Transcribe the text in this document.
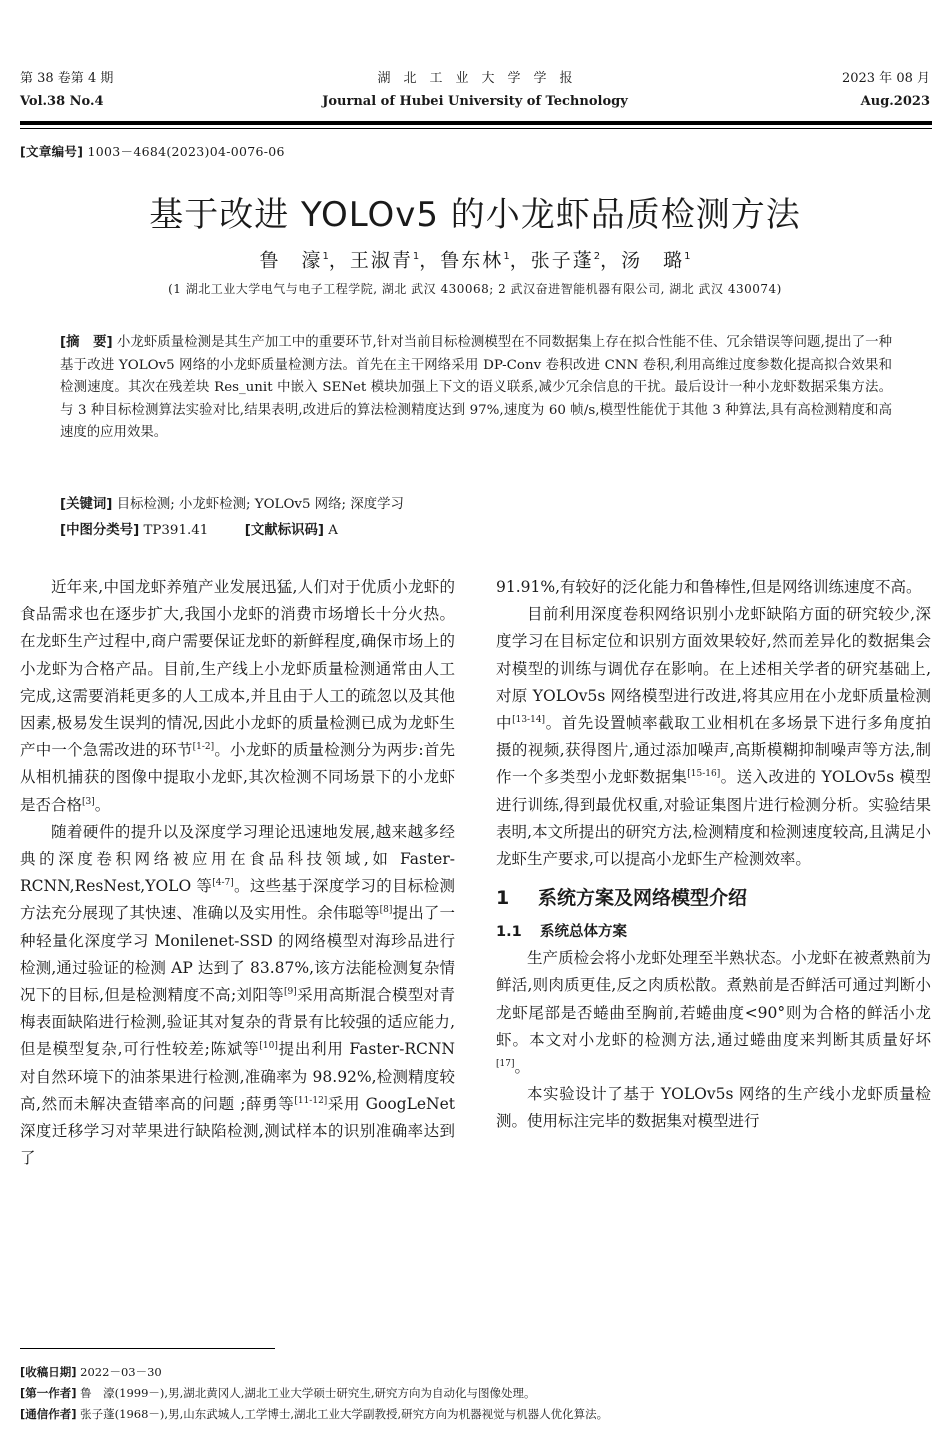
第 38 卷第 4 期
Vol.38 No.4
湖　北　工　业　大　学　学　报
Journal of Hubei University of Technology
2023 年 08 月
Aug.2023
[文章编号] 1003－4684(2023)04-0076-06
基于改进 YOLOv5 的小龙虾品质检测方法
鲁　濠$^1$，王淑青$^1$，鲁东林$^1$，张子蓬$^2$，汤　璐$^1$
(1 湖北工业大学电气与电子工程学院, 湖北 武汉 430068; 2 武汉奋进智能机器有限公司, 湖北 武汉 430074)
[摘　要] 小龙虾质量检测是其生产加工中的重要环节,针对当前目标检测模型在不同数据集上存在拟合性能不佳、冗余错误等问题,提出了一种基于改进 YOLOv5 网络的小龙虾质量检测方法。首先在主干网络采用 DP-Conv 卷积改进 CNN 卷积,利用高维过度参数化提高拟合效果和检测速度。其次在残差块 Res_unit 中嵌入 SENet 模块加强上下文的语义联系,减少冗余信息的干扰。最后设计一种小龙虾数据采集方法。与 3 种目标检测算法实验对比,结果表明,改进后的算法检测精度达到 97%,速度为 60 帧/s,模型性能优于其他 3 种算法,具有高检测精度和高速度的应用效果。
[关键词] 目标检测; 小龙虾检测; YOLOv5 网络; 深度学习
[中图分类号] TP391.41	[文献标识码] A

近年来,中国龙虾养殖产业发展迅猛,人们对于优质小龙虾的食品需求也在逐步扩大,我国小龙虾的消费市场增长十分火热。在龙虾生产过程中,商户需要保证龙虾的新鲜程度,确保市场上的小龙虾为合格产品。目前,生产线上小龙虾质量检测通常由人工完成,这需要消耗更多的人工成本,并且由于人工的疏忽以及其他因素,极易发生误判的情况,因此小龙虾的质量检测已成为龙虾生产中一个急需改进的环节[1-2]。小龙虾的质量检测分为两步:首先从相机捕获的图像中提取小龙虾,其次检测不同场景下的小龙虾是否合格[3]。

随着硬件的提升以及深度学习理论迅速地发展,越来越多经典的深度卷积网络被应用在食品科技领域,如 Faster-RCNN,ResNest,YOLO 等[4-7]。这些基于深度学习的目标检测方法充分展现了其快速、准确以及实用性。余伟聪等[8]提出了一种轻量化深度学习 Monilenet-SSD 的网络模型对海珍品进行检测,通过验证的检测 AP 达到了 83.87%,该方法能检测复杂情况下的目标,但是检测精度不高;刘阳等[9]采用高斯混合模型对青梅表面缺陷进行检测,验证其对复杂的背景有比较强的适应能力,但是模型复杂,可行性较差;陈斌等[10]提出利用 Faster-RCNN 对自然环境下的油茶果进行检测,准确率为 98.92%,检测精度较高,然而未解决查错率高的问题 ;薛勇等[11-12]采用 GoogLeNet 深度迁移学习对苹果进行缺陷检测,测试样本的识别准确率达到了

91.91%,有较好的泛化能力和鲁棒性,但是网络训练速度不高。

目前利用深度卷积网络识别小龙虾缺陷方面的研究较少,深度学习在目标定位和识别方面效果较好,然而差异化的数据集会对模型的训练与调优存在影响。在上述相关学者的研究基础上,对原 YOLOv5s 网络模型进行改进,将其应用在小龙虾质量检测中[13-14]。首先设置帧率截取工业相机在多场景下进行多角度拍摄的视频,获得图片,通过添加噪声,高斯模糊抑制噪声等方法,制作一个多类型小龙虾数据集[15-16]。送入改进的 YOLOv5s 模型进行训练,得到最优权重,对验证集图片进行检测分析。实验结果表明,本文所提出的研究方法,检测精度和检测速度较高,且满足小龙虾生产要求,可以提高小龙虾生产检测效率。

1 系统方案及网络模型介绍
1.1 系统总体方案

生产质检会将小龙虾处理至半熟状态。小龙虾在被煮熟前为鲜活,则肉质更佳,反之肉质松散。煮熟前是否鲜活可通过判断小龙虾尾部是否蜷曲至胸前,若蜷曲度<90°则为合格的鲜活小龙虾。本文对小龙虾的检测方法,通过蜷曲度来判断其质量好坏[17]。

本实验设计了基于 YOLOv5s 网络的生产线小龙虾质量检测。使用标注完毕的数据集对模型进行

[收稿日期] 2022－03－30
[第一作者] 鲁　濠(1999－),男,湖北黄冈人,湖北工业大学硕士研究生,研究方向为自动化与图像处理。
[通信作者] 张子蓬(1968－),男,山东武城人,工学博士,湖北工业大学副教授,研究方向为机器视觉与机器人优化算法。
